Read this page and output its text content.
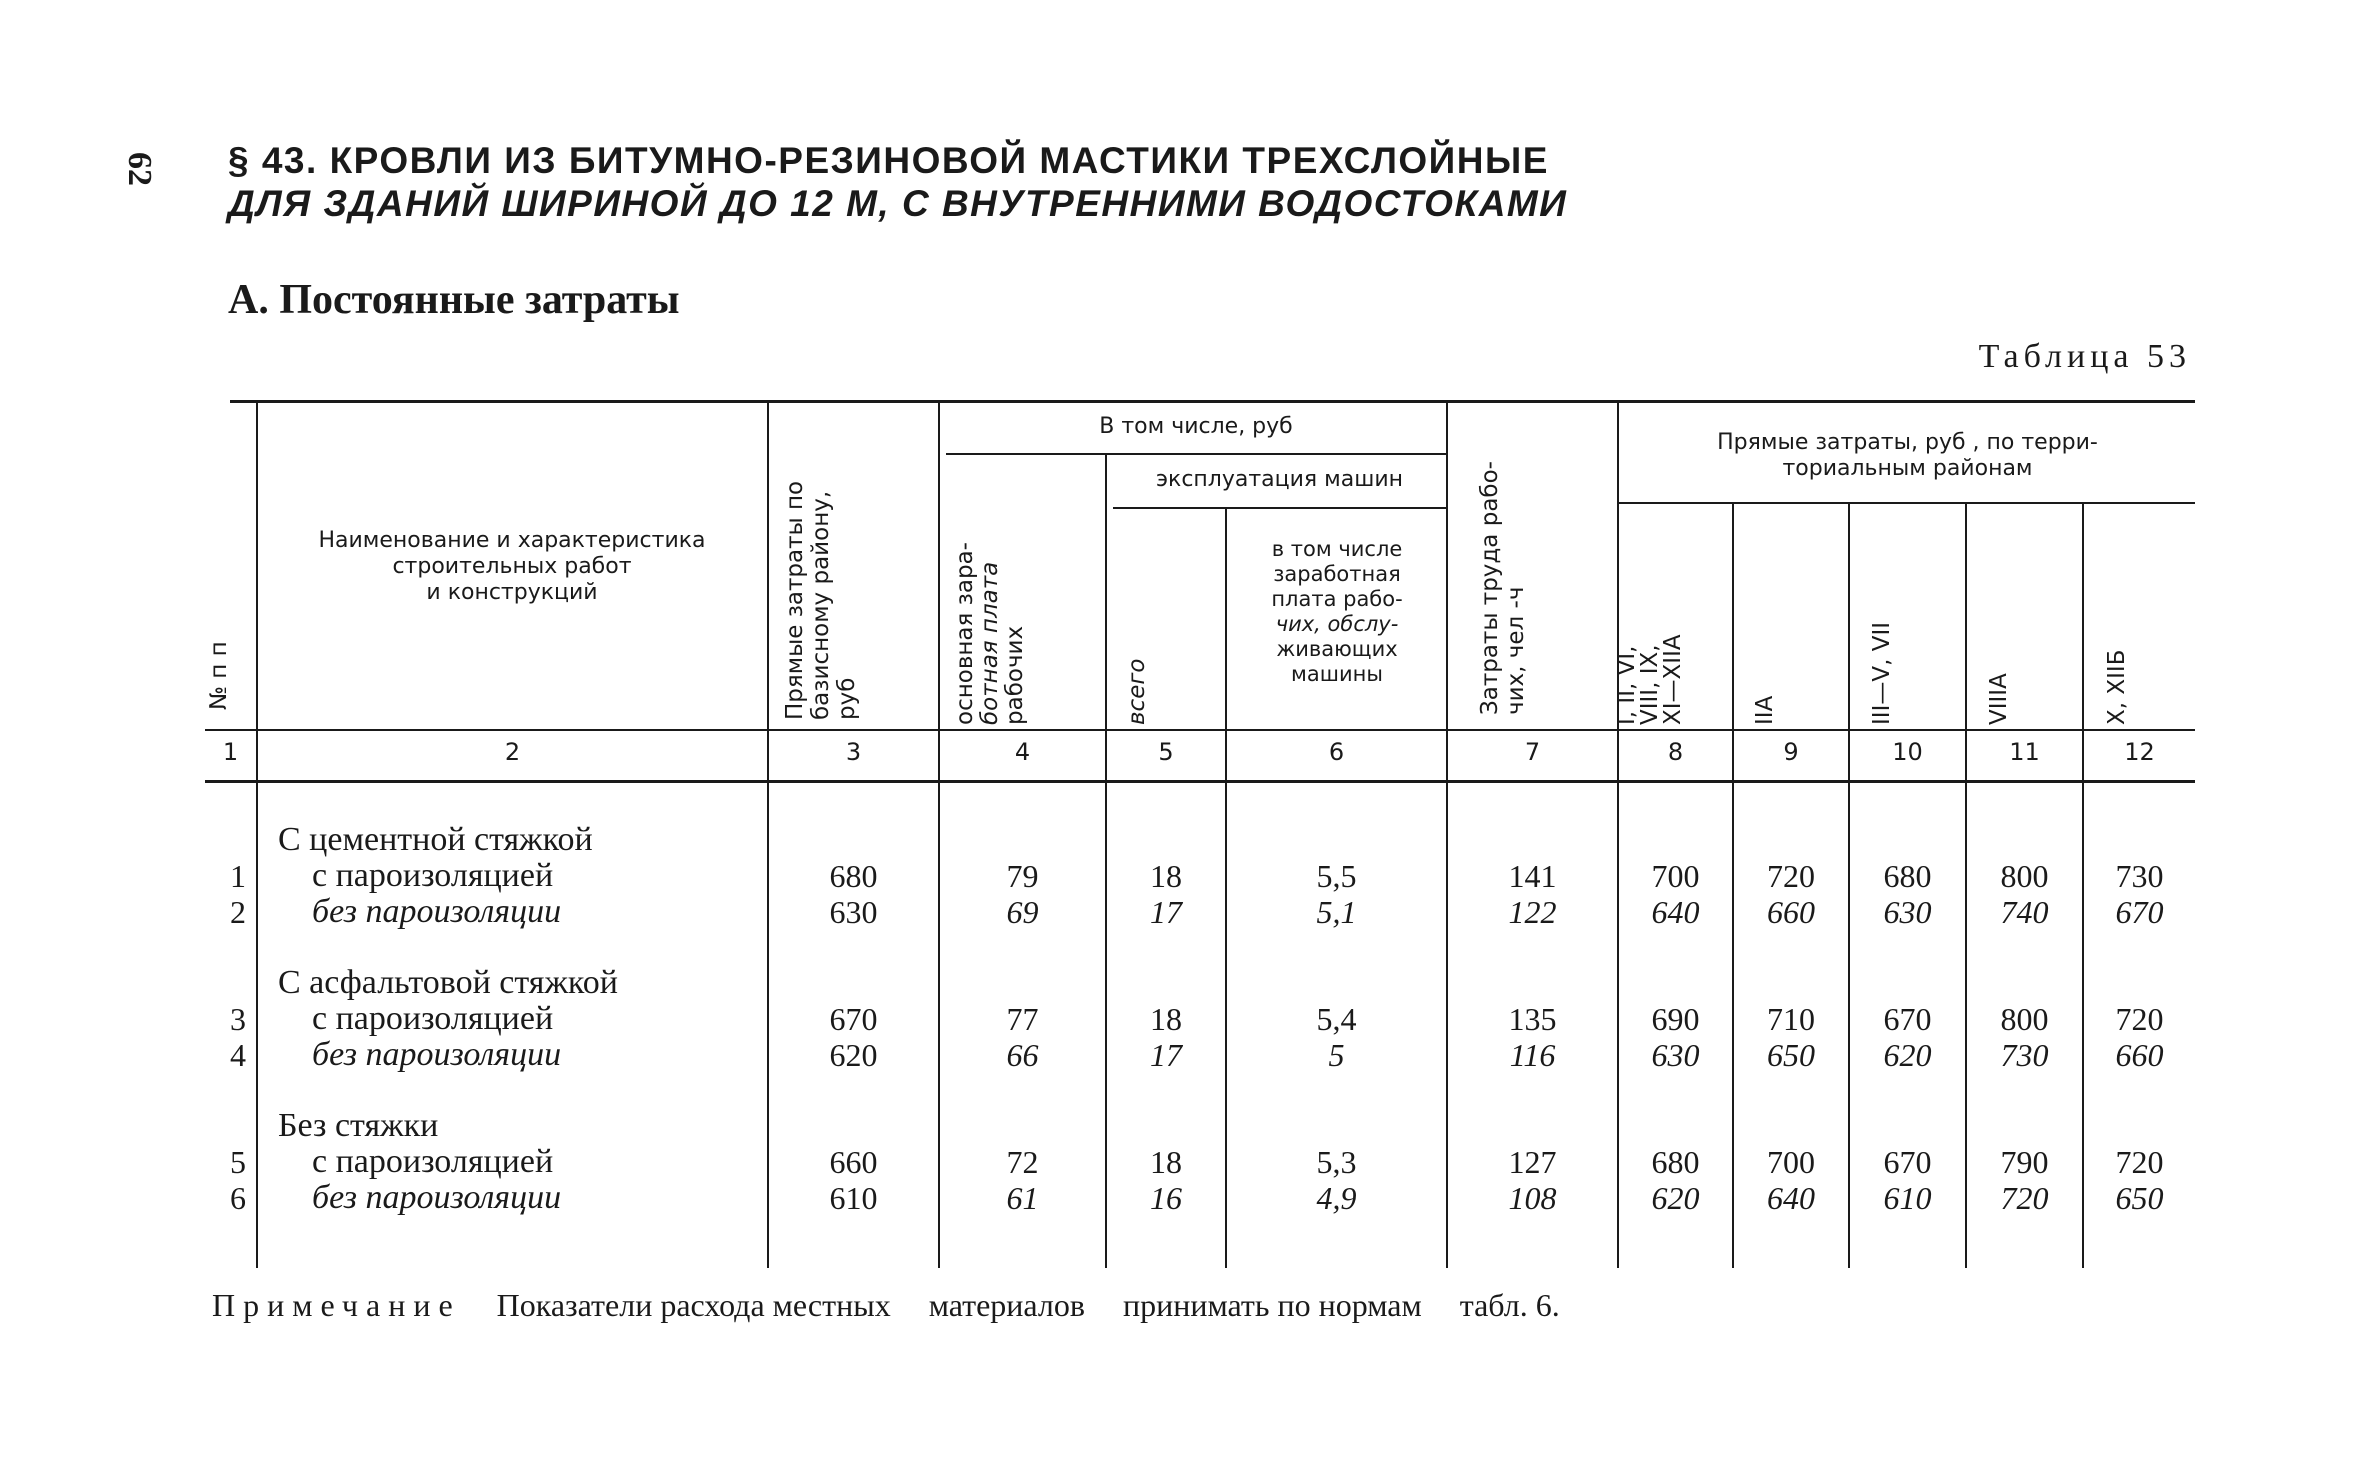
62 § 43. КРОВЛИ ИЗ БИТУМНО-РЕЗИНОВОЙ МАСТИКИ ТРЕХСЛОЙНЫЕ
ДЛЯ ЗДАНИЙ ШИРИНОЙ ДО 12 М, С ВНУТРЕННИМИ ВОДОСТОКАМИ
А. Постоянные затраты
Таблица 53
№ п п
Наименование и характеристика
строительных работ
и конструкций	Прямые затраты по базисному району, руб
В том числе, руб
основная зара- ботная плата рабочих
эксплуатация машин
всего
в том числе
заработная
плата рабо-
чих, обслу-
живающих
машины	Затраты труда рабо- чих, чел -ч
Прямые затраты, руб , по терри-
ториальным районам
I, II, VI,
VIII, IX,
XI—XIIA	IIA	III—V, VII	VIIIA	X, XIIБ
1	2	3	4	5	6	7	8	9	10	11	12
С цементной стяжкой
1 с пароизоляцией	680	79	18	5,5	141	700	720	680	800	730
2 без пароизоляции	630	69	17	5,1	122	640	660	630	740	670
С асфальтовой стяжкой
3 с пароизоляцией	670	77	18	5,4	135	690	710	670	800	720
4 без пароизоляции	620	66	17	5	116	630	650	620	730	660
Без стяжки
5 с пароизоляцией	660	72	18	5,3	127	680	700	670	790	720
6 без пароизоляции	610	61	16	4,9	108	620	640	610	720	650
Примечание Показатели расхода местных материалов принимать по нормам табл. 6.
